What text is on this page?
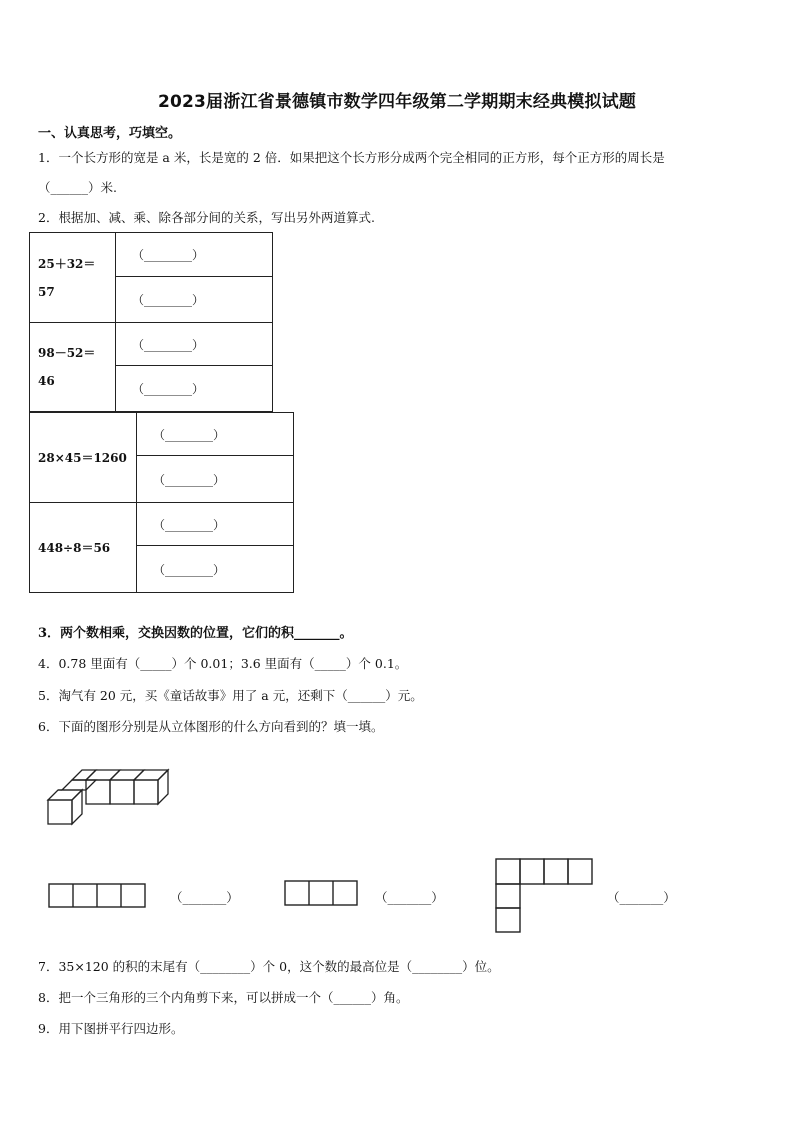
2023届浙江省景德镇市数学四年级第二学期期末经典模拟试题
一、认真思考，巧填空。
1．一个长方形的宽是 a 米，长是宽的 2 倍．如果把这个长方形分成两个完全相同的正方形，每个正方形的周长是
（______）米.
2．根据加、减、乘、除各部分间的关系，写出另外两道算式.
25＋32＝
57	（________）
	（________）

98－52＝
46	（________）
	（________）
28×45＝1260	（________）
	（________）
448÷8＝56	（________）
	（________）
3．两个数相乘，交换因数的位置，它们的积_______。
4．0.78 里面有（_____）个 0.01；3.6 里面有（_____）个 0.1。
5．淘气有 20 元，买《童话故事》用了 a 元，还剩下（______）元。
6．下面的图形分别是从立体图形的什么方向看到的？填一填。
（_______）	（_______）	（_______）
7．35×120 的积的末尾有（________）个 0，这个数的最高位是（________）位。
8．把一个三角形的三个内角剪下来，可以拼成一个（______）角。
9．用下图拼平行四边形。
